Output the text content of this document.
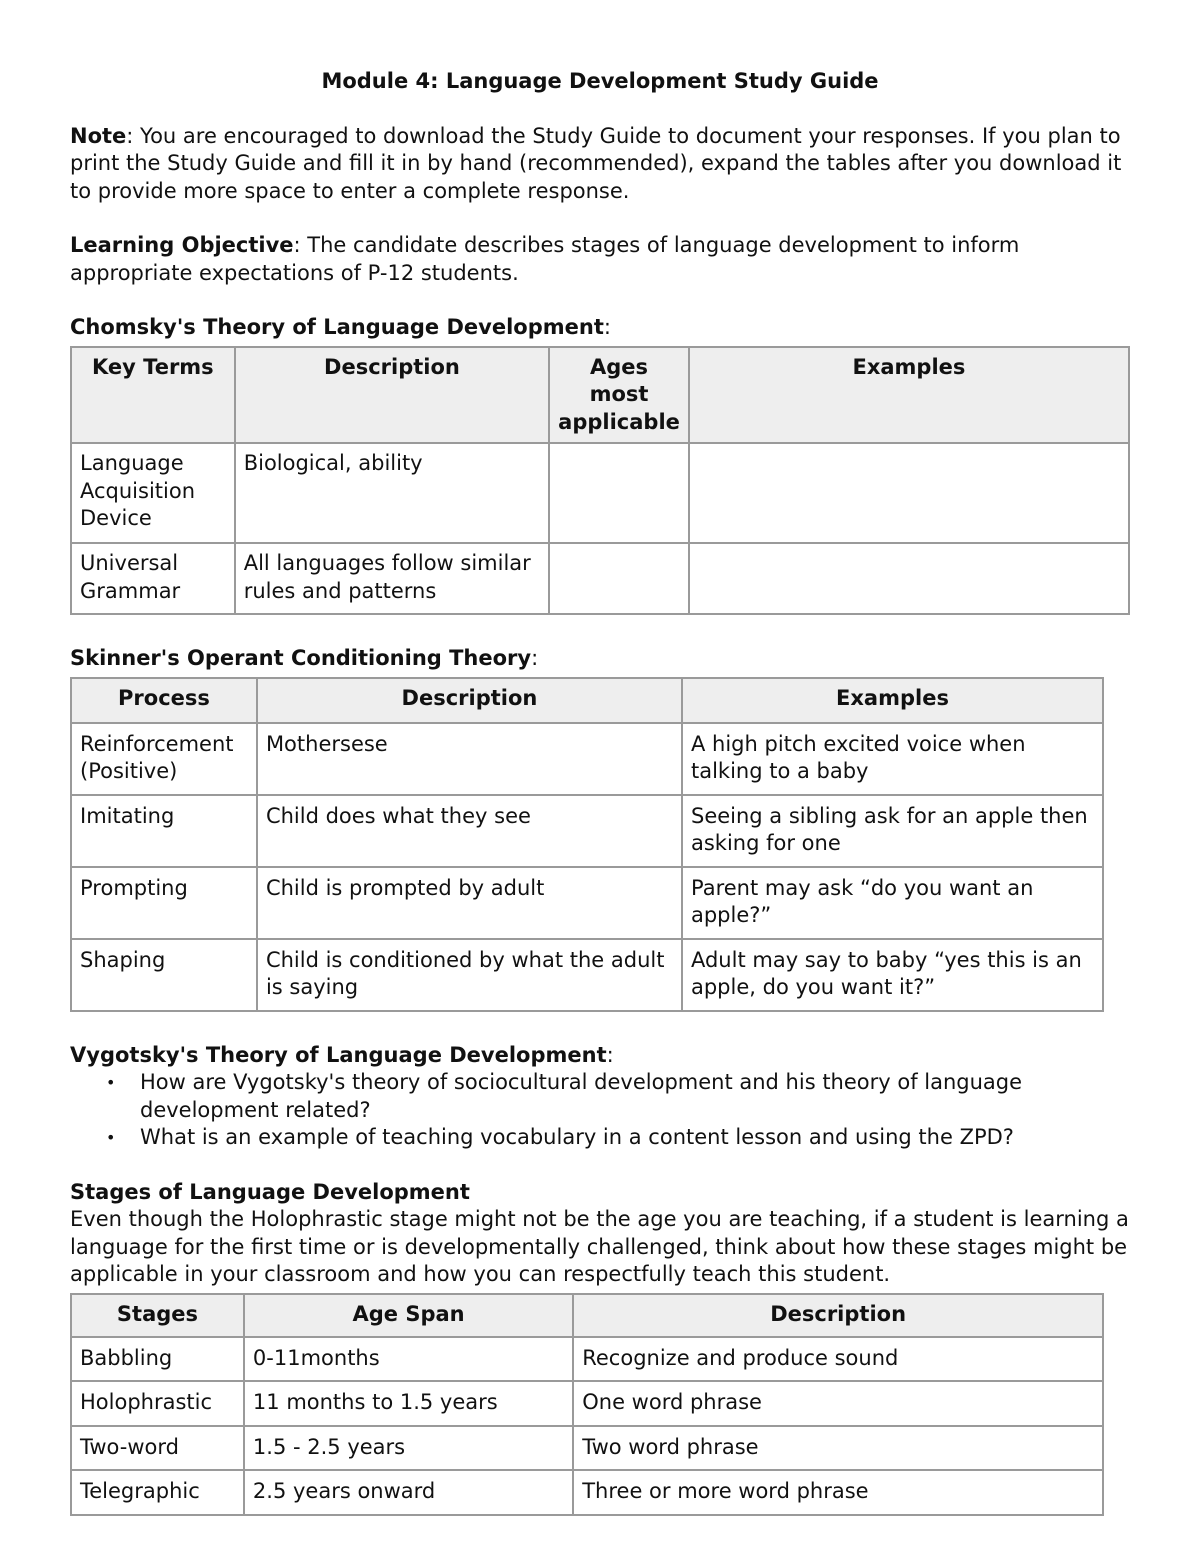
Module 4: Language Development Study Guide

Note: You are encouraged to download the Study Guide to document your responses. If you plan to print the Study Guide and fill it in by hand (recommended), expand the tables after you download it to provide more space to enter a complete response.

Learning Objective: The candidate describes stages of language development to inform appropriate expectations of P-12 students.

Chomsky's Theory of Language Development:

Key Terms	Description	Ages most applicable	Examples
Language Acquisition Device	Biological, ability		
Universal Grammar	All languages follow similar rules and patterns		

Skinner's Operant Conditioning Theory:

Process	Description	Examples
Reinforcement (Positive)	Mothersese	A high pitch excited voice when talking to a baby
Imitating	Child does what they see	Seeing a sibling ask for an apple then asking for one
Prompting	Child is prompted by adult	Parent may ask “do you want an apple?”
Shaping	Child is conditioned by what the adult is saying	Adult may say to baby “yes this is an apple, do you want it?”

Vygotsky's Theory of Language Development:

• How are Vygotsky's theory of sociocultural development and his theory of language development related?
• What is an example of teaching vocabulary in a content lesson and using the ZPD?

Stages of Language Development

Even though the Holophrastic stage might not be the age you are teaching, if a student is learning a language for the first time or is developmentally challenged, think about how these stages might be applicable in your classroom and how you can respectfully teach this student.

Stages	Age Span	Description
Babbling	0-11months	Recognize and produce sound
Holophrastic	11 months to 1.5 years	One word phrase
Two-word	1.5 - 2.5 years	Two word phrase
Telegraphic	2.5 years onward	Three or more word phrase
